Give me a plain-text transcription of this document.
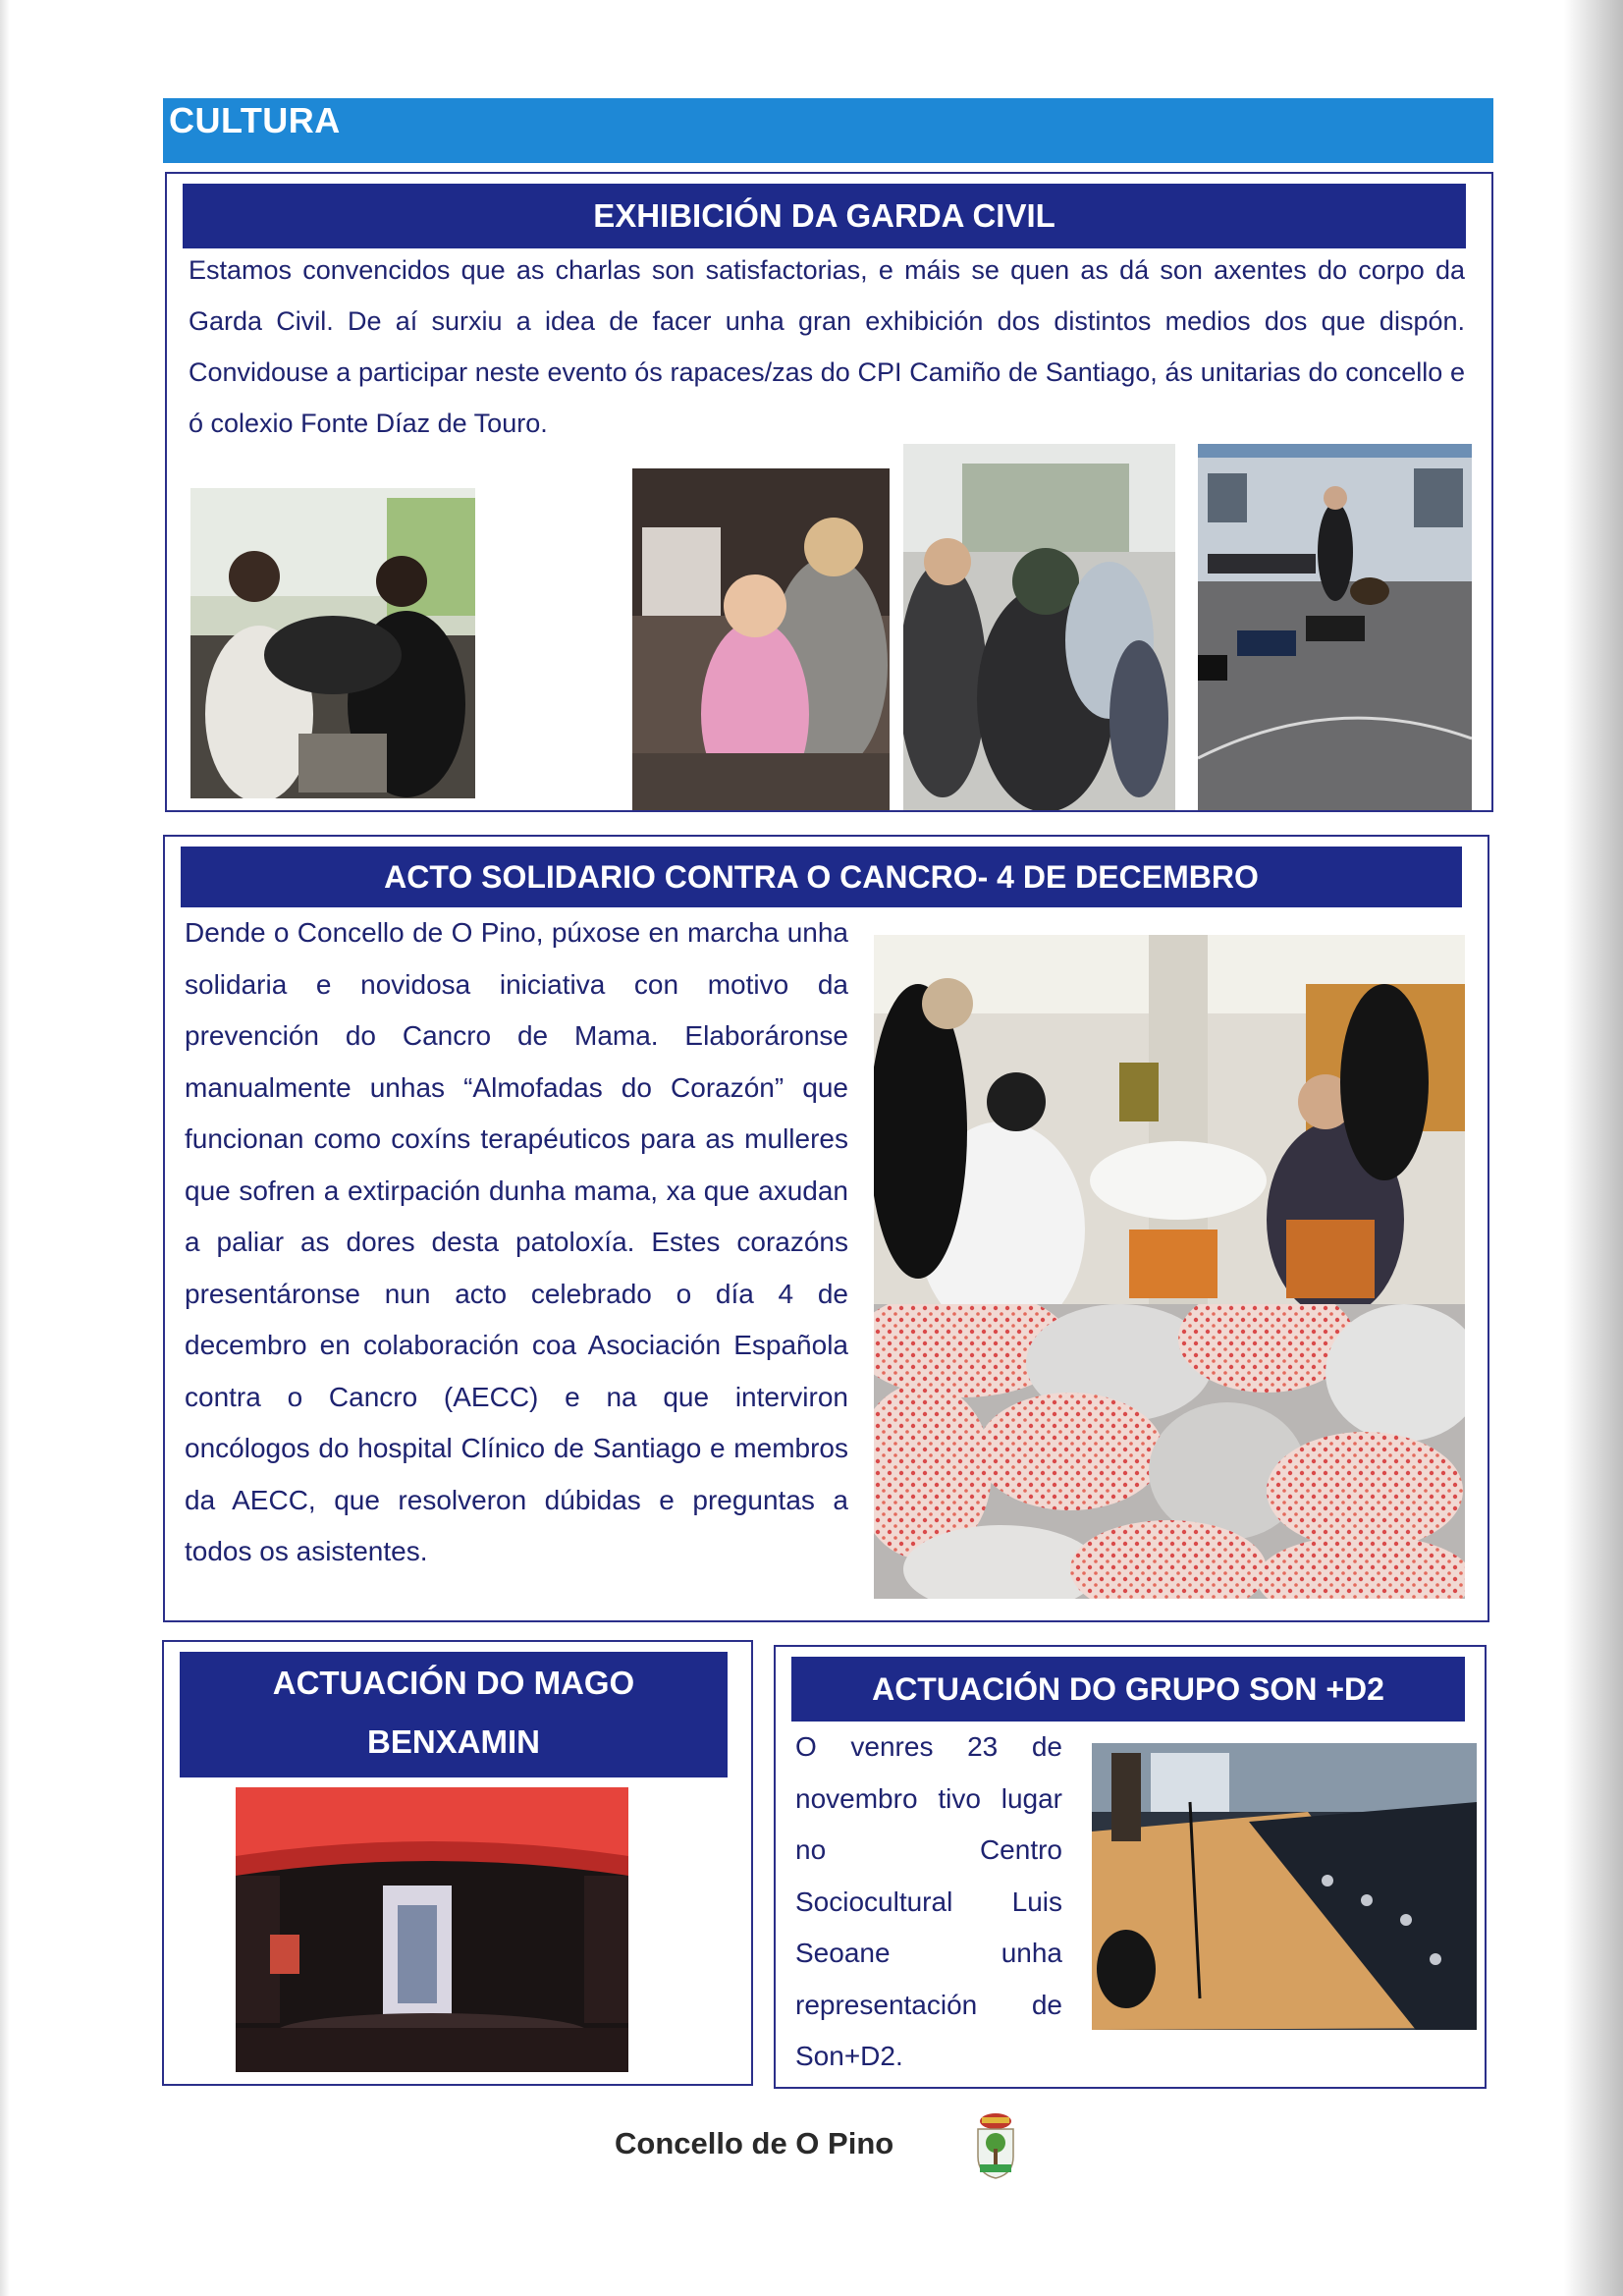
CULTURA
EXHIBICIÓN DA GARDA CIVIL
Estamos convencidos que as charlas son satisfactorias, e máis se quen as dá son axentes do corpo da Garda Civil. De aí surxiu a idea de facer unha gran exhibición dos distintos medios dos que dispón. Convidouse a participar neste evento ós rapaces/zas do CPI Camiño de Santiago, ás unitarias do concello e ó colexio Fonte Díaz de Touro.
ACTO SOLIDARIO CONTRA O CANCRO- 4 DE DECEMBRO
Dende o Concello de O Pino, púxose en marcha unha solidaria e novidosa iniciativa con motivo da prevención do Cancro de Mama. Elaboráronse manualmente unhas “Almofadas do Corazón” que funcionan como coxíns terapéuticos para as mulleres que sofren a extirpación dunha mama, xa que axudan a paliar as dores desta patoloxía. Estes corazóns presentáronse nun acto celebrado o día 4 de decembro en colaboración coa Asociación Española contra o Cancro (AECC) e na que interviron oncólogos do hospital Clínico de Santiago e membros da AECC, que resolveron dúbidas e preguntas a todos os asistentes.
ACTUACIÓN DO MAGO
BENXAMIN
ACTUACIÓN DO GRUPO SON +D2
O venres 23 de novembro tivo lugar no Centro Sociocultural Luis Seoane unha representación de Son+D2.
Concello de O Pino
